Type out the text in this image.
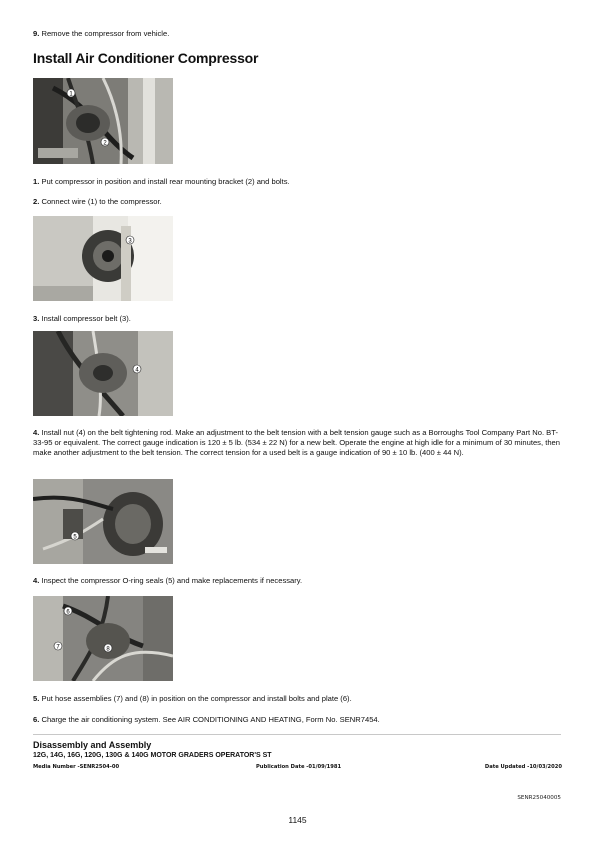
9. Remove the compressor from vehicle.

Install Air Conditioner Compressor
1
2

1. Put compressor in position and install rear mounting bracket (2) and bolts.

2. Connect wire (1) to the compressor.

3

3. Install compressor belt (3).

4

4. Install nut (4) on the belt tightening rod. Make an adjustment to the belt tension with a belt tension gauge such as a Borroughs Tool Company Part No. BT-33-95 or equivalent. The correct gauge indication is 120 ± 5 lb. (534 ± 22 N) for a new belt. Operate the engine at high idle for a minimum of 30 minutes, then make another adjustment to the belt tension. The correct tension for a used belt is a gauge indication of 90 ± 10 lb. (400 ± 44 N).

5

4. Inspect the compressor O-ring seals (5) and make replacements if necessary.

6
7	8

5. Put hose assemblies (7) and (8) in position on the compressor and install bolts and plate (6).

6. Charge the air conditioning system. See AIR CONDITIONING AND HEATING, Form No. SENR7454.

Disassembly and Assembly
12G, 14G, 16G, 120G, 130G & 140G MOTOR GRADERS OPERATOR'S ST
Media Number -SENR2504-00	Publication Date -01/09/1981	Date Updated -10/03/2020
SENR25040005
1145
